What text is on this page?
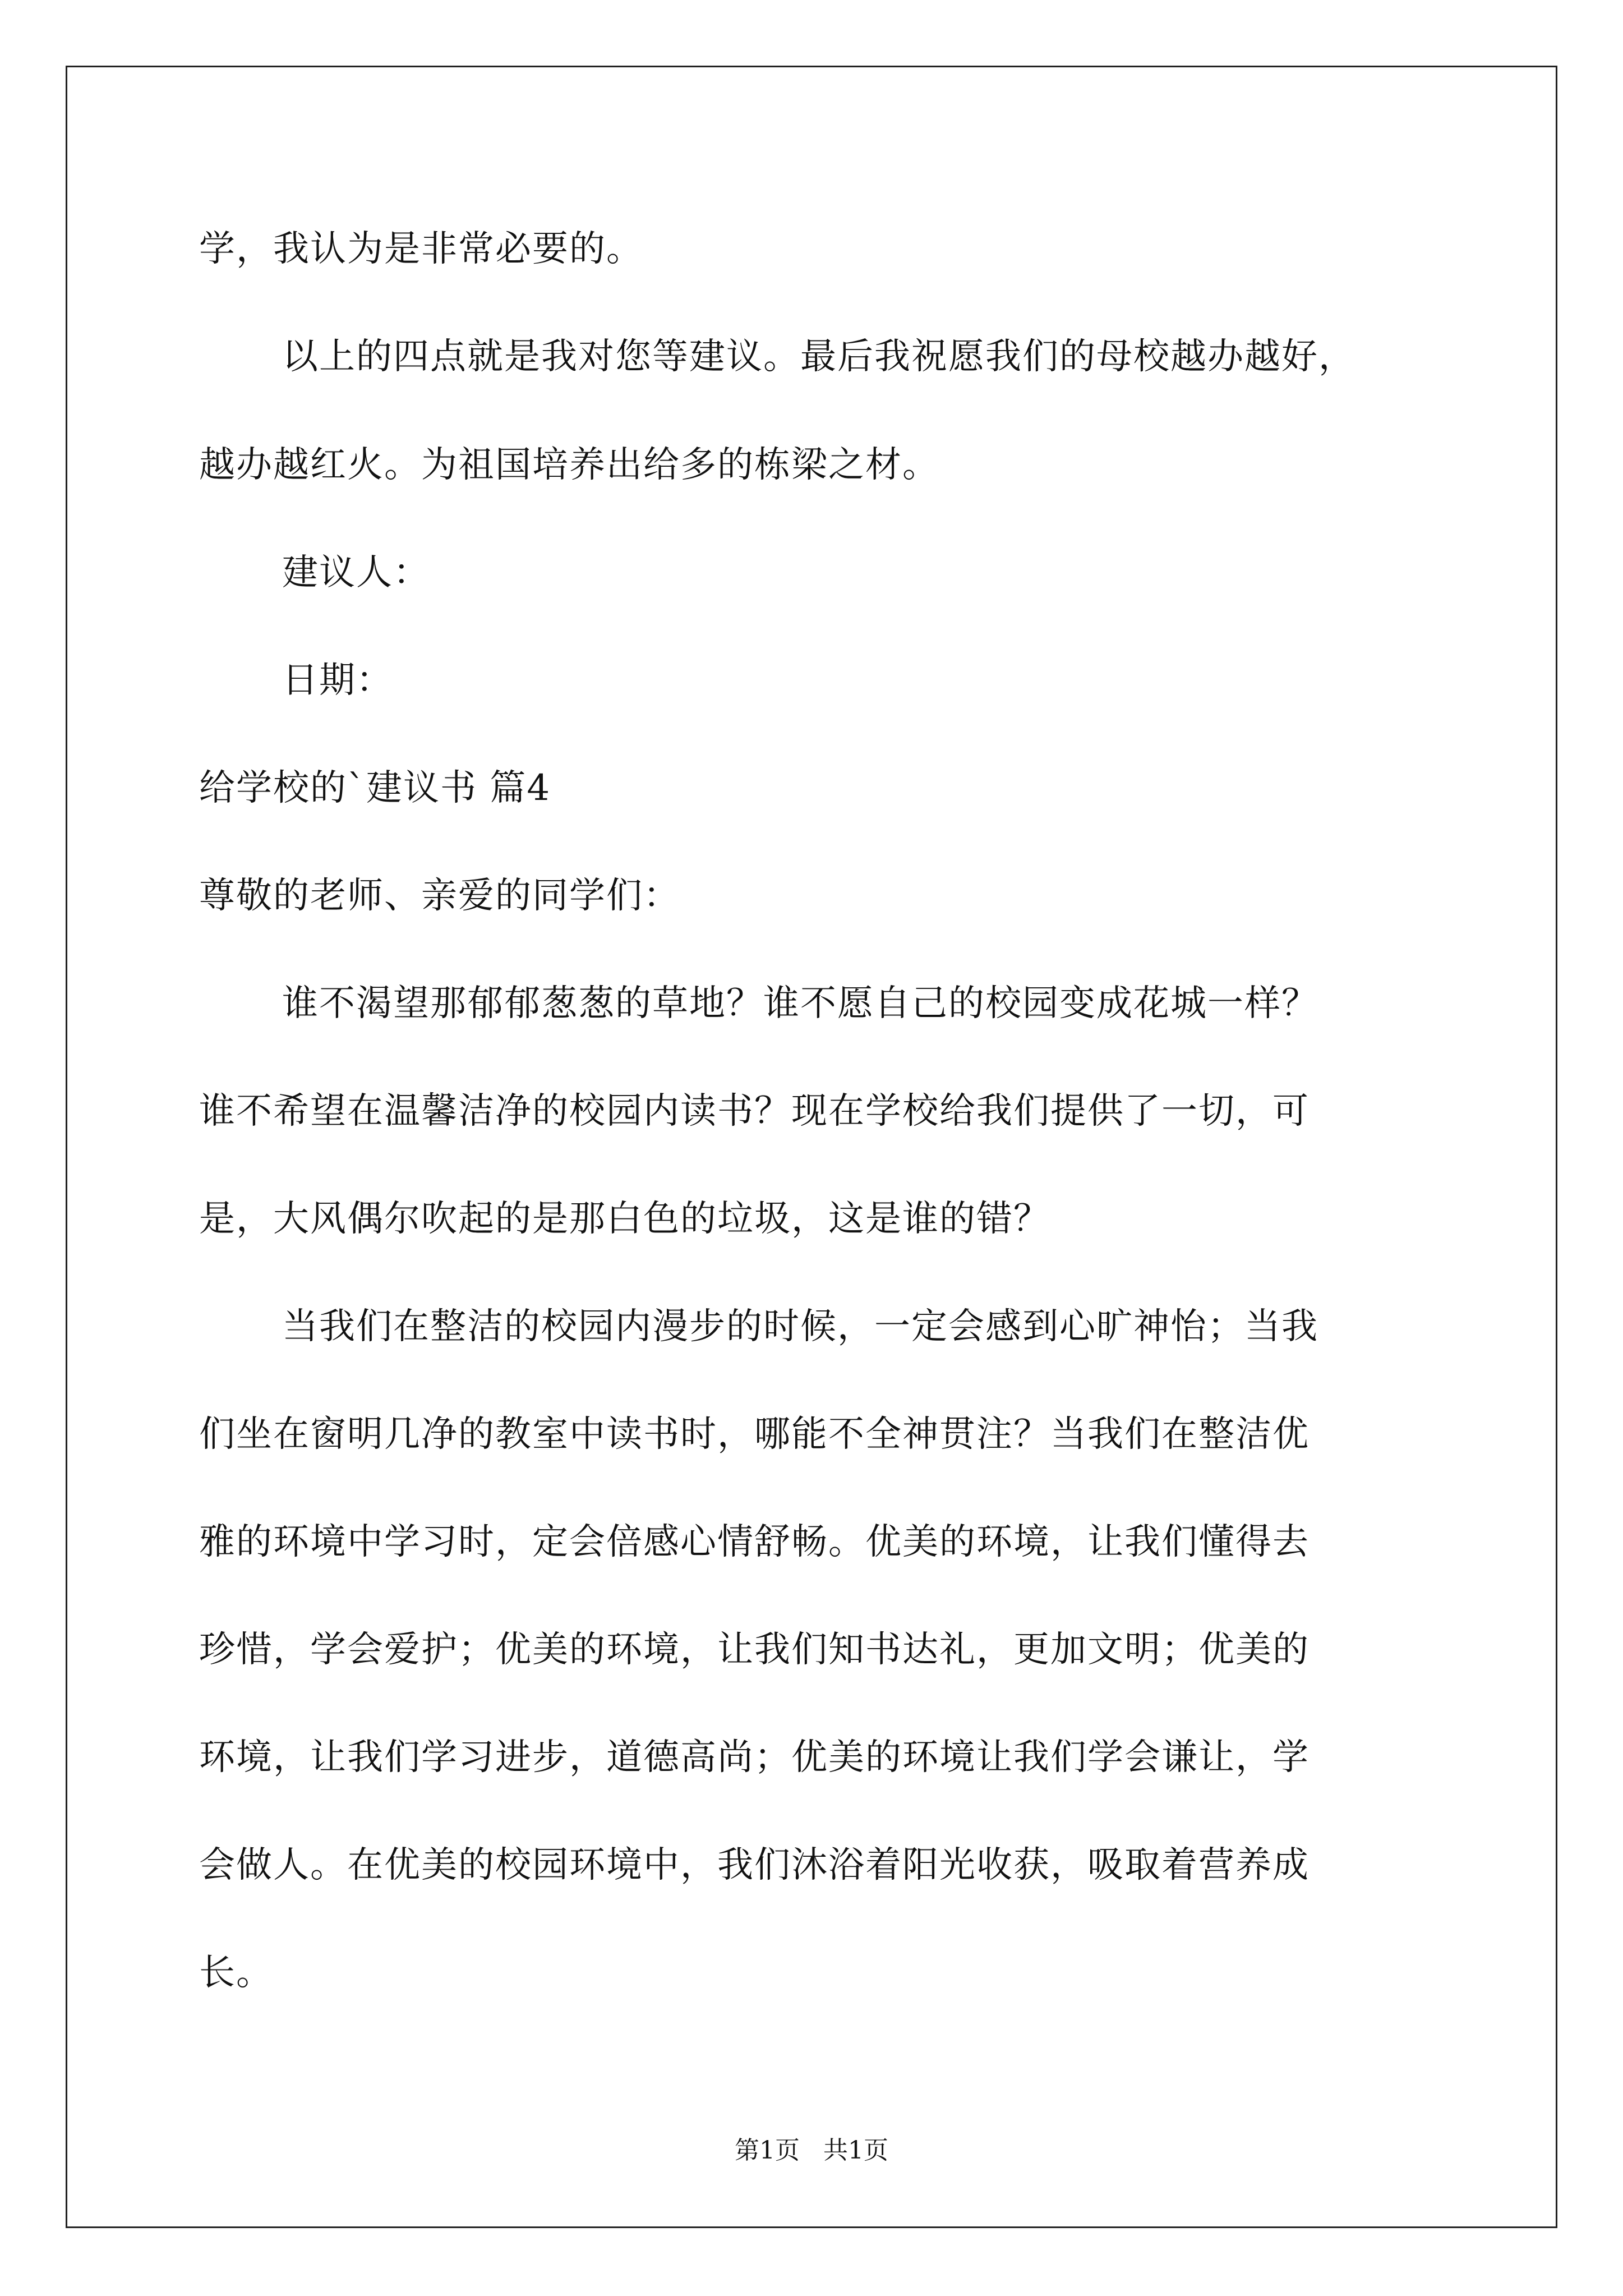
学，我认为是非常必要的。
以上的四点就是我对您等建议。最后我祝愿我们的母校越办越好，
越办越红火。为祖国培养出给多的栋梁之材。
建议人：
日期：
给学校的`建议书 篇4
尊敬的老师、亲爱的同学们：
谁不渴望那郁郁葱葱的草地？谁不愿自己的校园变成花城一样？
谁不希望在温馨洁净的校园内读书？现在学校给我们提供了一切，可
是，大风偶尔吹起的是那白色的垃圾，这是谁的错？
当我们在整洁的校园内漫步的时候，一定会感到心旷神怡；当我
们坐在窗明几净的教室中读书时，哪能不全神贯注？当我们在整洁优
雅的环境中学习时，定会倍感心情舒畅。优美的环境，让我们懂得去
珍惜，学会爱护；优美的环境，让我们知书达礼，更加文明；优美的
环境，让我们学习进步，道德高尚；优美的环境让我们学会谦让，学
会做人。在优美的校园环境中，我们沐浴着阳光收获，吸取着营养成
长。
第1页   共1页
